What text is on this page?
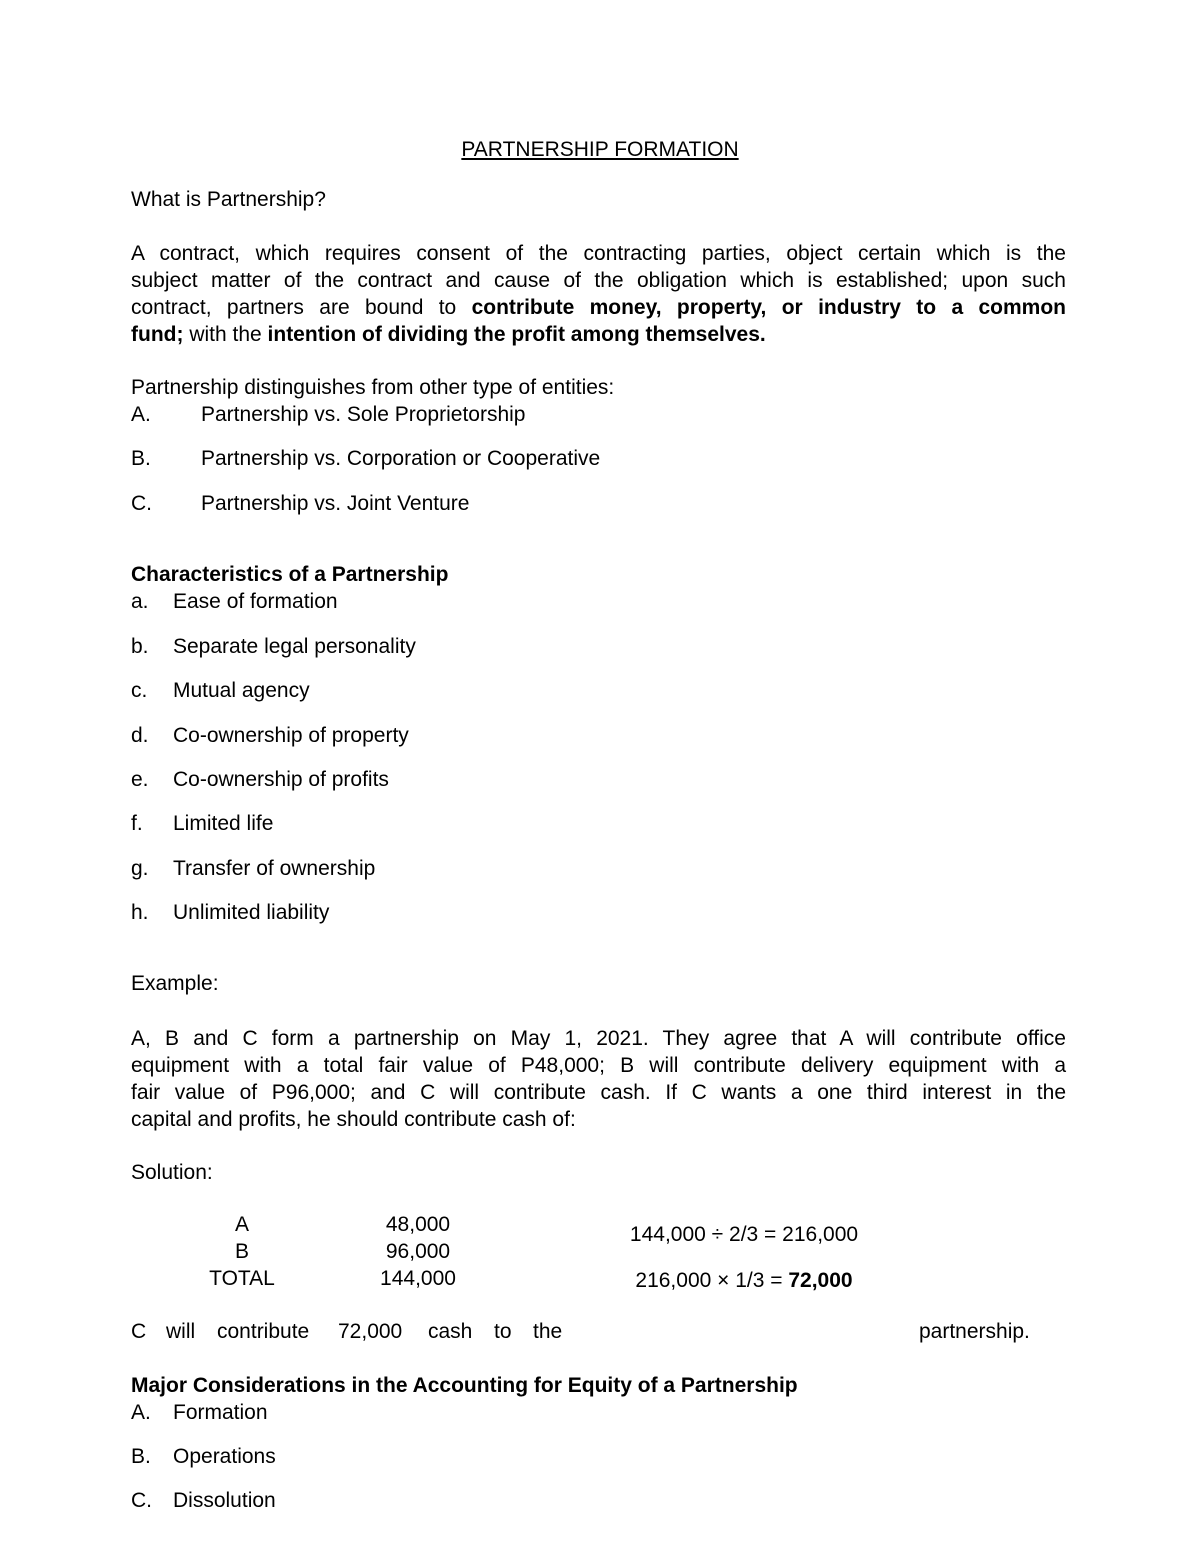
PARTNERSHIP FORMATION
What is Partnership?
A contract, which requires consent of the contracting parties, object certain which is the
subject matter of the contract and cause of the obligation which is established; upon such
contract, partners are bound to contribute money, property, or industry to a common
fund; with the intention of dividing the profit among themselves.
Partnership distinguishes from other type of entities:
A. Partnership vs. Sole Proprietorship
B. Partnership vs. Corporation or Cooperative
C. Partnership vs. Joint Venture
Characteristics of a Partnership
a. Ease of formation
b. Separate legal personality
c. Mutual agency
d. Co-ownership of property
e. Co-ownership of profits
f. Limited life
g. Transfer of ownership
h. Unlimited liability
Example:
A, B and C form a partnership on May 1, 2021. They agree that A will contribute office
equipment with a total fair value of P48,000; B will contribute delivery equipment with a
fair value of P96,000; and C will contribute cash. If C wants a one third interest in the
capital and profits, he should contribute cash of:
Solution:
A	48,000
B	96,000
TOTAL	144,000
144,000 ÷ 2/3 = 216,000
216,000 × 1/3 = 72,000
C will contribute 72,000 cash to the	partnership.
Major Considerations in the Accounting for Equity of a Partnership
A. Formation
B. Operations
C. Dissolution
